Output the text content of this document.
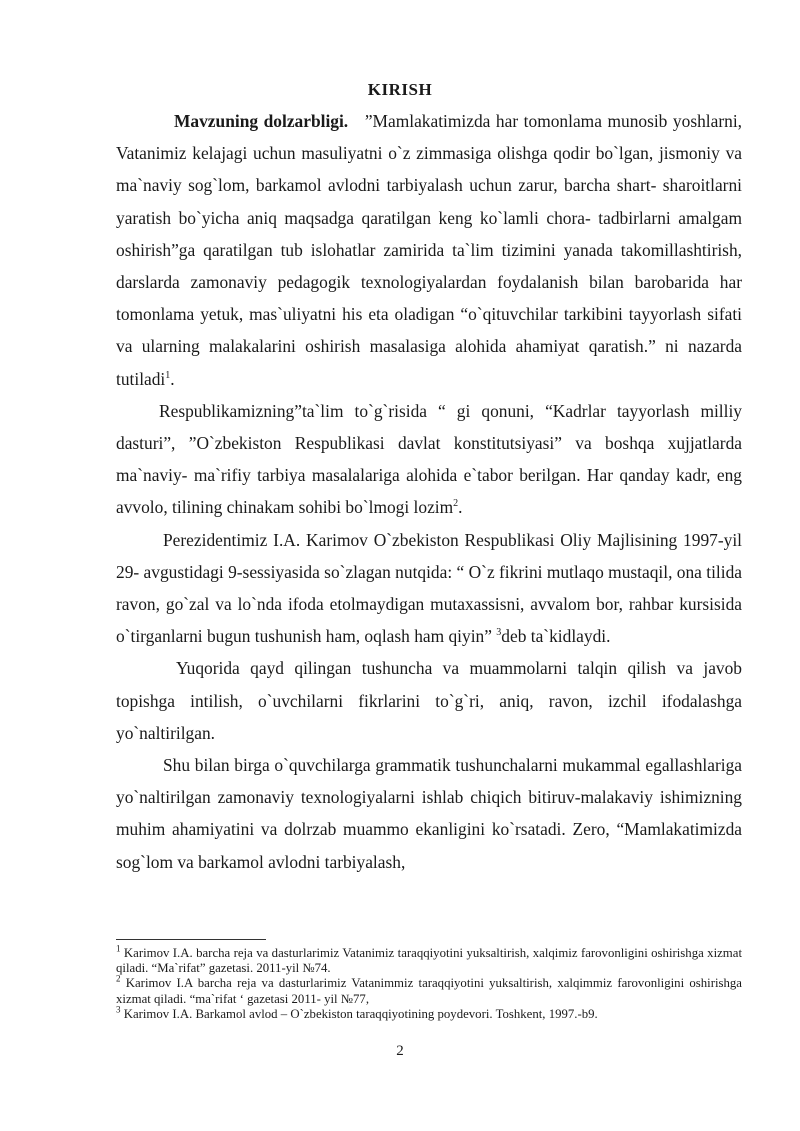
KIRISH

Mavzuning dolzarbligi. ”Mamlakatimizda har tomonlama munosib yoshlarni, Vatanimiz kelajagi uchun masuliyatni o`z zimmasiga olishga qodir bo`lgan, jismoniy va ma`naviy sog`lom, barkamol avlodni tarbiyalash uchun zarur, barcha shart- sharoitlarni yaratish bo`yicha aniq maqsadga qaratilgan keng ko`lamli chora- tadbirlarni amalgam oshirish”ga qaratilgan tub islohatlar zamirida ta`lim tizimini yanada takomillashtirish, darslarda zamonaviy pedagogik texnologiyalardan foydalanish bilan barobarida har tomonlama yetuk, mas`uliyatni his eta oladigan “o`qituvchilar tarkibini tayyorlash sifati va ularning malakalarini oshirish masalasiga alohida ahamiyat qaratish.” ni nazarda tutiladi$^1$.

Respublikamizning”ta`lim to`g`risida “ gi qonuni, “Kadrlar tayyorlash milliy dasturi”, ”O`zbekiston Respublikasi davlat konstitutsiyasi” va boshqa xujjatlarda ma`naviy- ma`rifiy tarbiya masalalariga alohida e`tabor berilgan. Har qanday kadr, eng avvolo, tilining chinakam sohibi bo`lmogi lozim$^2$.

Perezidentimiz I.A. Karimov O`zbekiston Respublikasi Oliy Majlisining 1997-yil 29- avgustidagi 9-sessiyasida so`zlagan nutqida: “ O`z fikrini mutlaqo mustaqil, ona tilida ravon, go`zal va lo`nda ifoda etolmaydigan mutaxassisni, avvalom bor, rahbar kursisida o`tirganlarni bugun tushunish ham, oqlash ham qiyin” $^3$deb ta`kidlaydi.

Yuqorida qayd qilingan tushuncha va muammolarni talqin qilish va javob topishga intilish, o`uvchilarni fikrlarini to`g`ri, aniq, ravon, izchil ifodalashga yo`naltirilgan.

Shu bilan birga o`quvchilarga grammatik tushunchalarni mukammal egallashlariga yo`naltirilgan zamonaviy texnologiyalarni ishlab chiqich bitiruv-malakaviy ishimizning muhim ahamiyatini va dolrzab muammo ekanligini ko`rsatadi. Zero, “Mamlakatimizda sog`lom va barkamol avlodni tarbiyalash,

$^1$ Karimov I.A. barcha reja va dasturlarimiz Vatanimiz taraqqiyotini yuksaltirish, xalqimiz farovonligini oshirishga xizmat qiladi. “Ma`rifat” gazetasi. 2011-yil №74.

$^2$ Karimov I.A barcha reja va dasturlarimiz Vatanimmiz taraqqiyotini yuksaltirish, xalqimmiz farovonligini oshirishga xizmat qiladi. “ma`rifat ‘ gazetasi 2011- yil №77,

$^3$ Karimov I.A. Barkamol avlod – O`zbekiston taraqqiyotining poydevori. Toshkent, 1997.-b9.

2
